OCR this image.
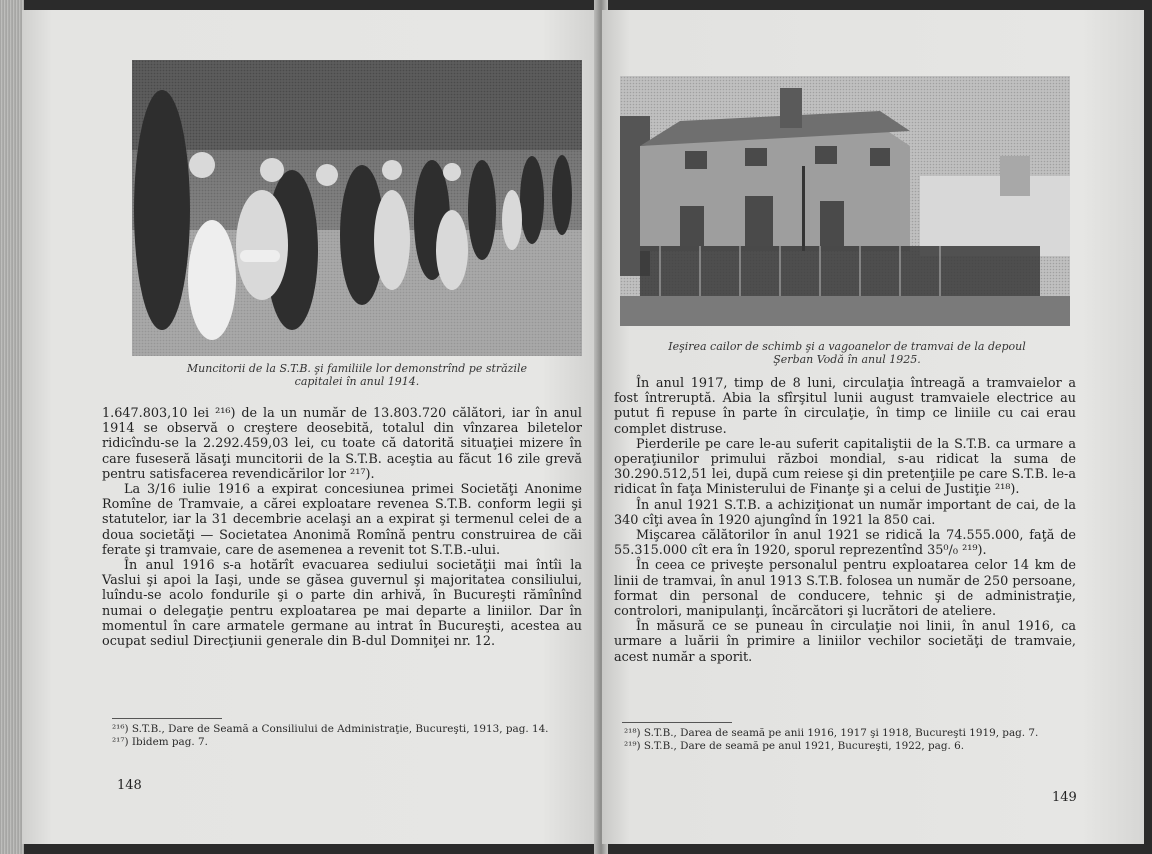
Muncitorii de la S.T.B. şi familiile lor demonstrînd pe străzile
capitalei în anul 1914.

1.647.803,10 lei ²¹⁶) de la un număr de 13.803.720 călători, iar în anul 1914 se observă o creştere deosebită, totalul din vînzarea biletelor ridicîndu-se la 2.292.459,03 lei, cu toate că datorită situaţiei mizere în care fuseseră lăsaţi muncitorii de la S.T.B. aceştia au făcut 16 zile grevă pentru satisfacerea revendicărilor lor ²¹⁷).

La 3/16 iulie 1916 a expirat concesiunea primei Societăţi Anonime Romîne de Tramvaie, a cărei exploatare revenea S.T.B. conform legii şi statutelor, iar la 31 decembrie acelaşi an a expirat şi termenul celei de a doua societăţi — Societatea Anonimă Romînă pentru construirea de căi ferate şi tramvaie, care de asemenea a revenit tot S.T.B.-ului.

În anul 1916 s-a hotărît evacuarea sediului societăţii mai întîi la Vaslui şi apoi la Iaşi, unde se găsea guvernul şi majoritatea consiliului, luîndu-se acolo fondurile şi o parte din arhivă, în Bucureşti rămînînd numai o delegaţie pentru exploatarea pe mai departe a liniilor. Dar în momentul în care armatele germane au intrat în Bucureşti, acestea au ocupat sediul Direcţiunii generale din B-dul Domniţei nr. 12.

²¹⁶) S.T.B., Dare de Seamă a Consiliului de Administraţie, Bucureşti, 1913, pag. 14.

²¹⁷) Ibidem pag. 7.

148
Ieşirea cailor de schimb şi a vagoanelor de tramvai de la depoul
Şerban Vodă în anul 1925.

În anul 1917, timp de 8 luni, circulaţia întreagă a tramvaielor a fost întreruptă. Abia la sfîrşitul lunii august tramvaiele electrice au putut fi repuse în parte în circulaţie, în timp ce liniile cu cai erau complet distruse.

Pierderile pe care le-au suferit capitaliştii de la S.T.B. ca urmare a operaţiunilor primului război mondial, s-au ridicat la suma de 30.290.512,51 lei, după cum reiese şi din pretenţiile pe care S.T.B. le-a ridicat în faţa Ministerului de Finanţe şi a celui de Justiţie ²¹⁸).

În anul 1921 S.T.B. a achiziţionat un număr important de cai, de la 340 cîţi avea în 1920 ajungînd în 1921 la 850 cai.

Mişcarea călătorilor în anul 1921 se ridică la 74.555.000, faţă de 55.315.000 cît era în 1920, sporul reprezentînd 35⁰/₀ ²¹⁹).

În ceea ce priveşte personalul pentru exploatarea celor 14 km de linii de tramvai, în anul 1913 S.T.B. folosea un număr de 250 persoane, format din personal de conducere, tehnic şi de administraţie, controlori, manipulanţi, încărcători şi lucrători de ateliere.

În măsură ce se puneau în circulaţie noi linii, în anul 1916, ca urmare a luării în primire a liniilor vechilor societăţi de tramvaie, acest număr a sporit.

²¹⁸) S.T.B., Darea de seamă pe anii 1916, 1917 şi 1918, Bucureşti 1919, pag. 7.

²¹⁹) S.T.B., Dare de seamă pe anul 1921, Bucureşti, 1922, pag. 6.

149
